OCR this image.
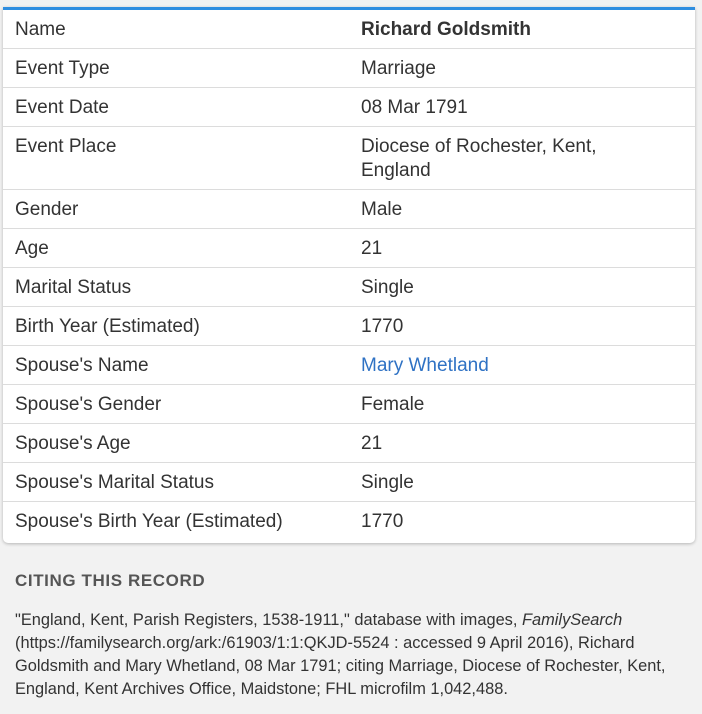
Name	Richard Goldsmith
Event Type	Marriage
Event Date	08 Mar 1791
Event Place	Diocese of Rochester, Kent, England
Gender	Male
Age	21
Marital Status	Single
Birth Year (Estimated)	1770
Spouse's Name	Mary Whetland
Spouse's Gender	Female
Spouse's Age	21
Spouse's Marital Status	Single
Spouse's Birth Year (Estimated)	1770
CITING THIS RECORD

"England, Kent, Parish Registers, 1538-1911," database with images, FamilySearch (https://familysearch.org/ark:/61903/1:1:QKJD-5524 : accessed 9 April 2016), Richard Goldsmith and Mary Whetland, 08 Mar 1791; citing Marriage, Diocese of Rochester, Kent, England, Kent Archives Office, Maidstone; FHL microfilm 1,042,488.
